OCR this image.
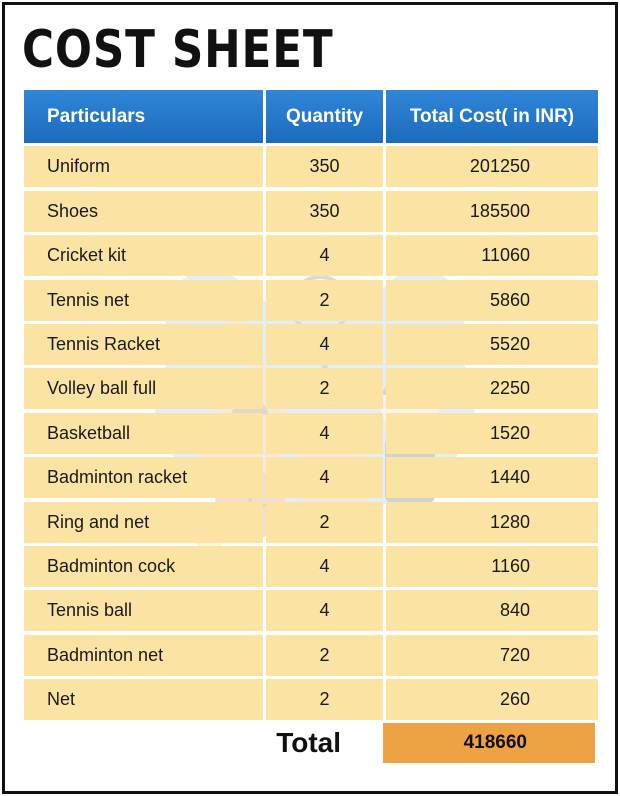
COST SHEET
Particulars	Quantity	Total Cost( in INR)
Uniform	350	201250
Shoes	350	185500
Cricket kit	4	11060
Tennis net	2	5860
Tennis Racket	4	5520
Volley ball full	2	2250
Basketball	4	1520
Badminton racket	4	1440
Ring and net	2	1280
Badminton cock	4	1160
Tennis ball	4	840
Badminton net	2	720
Net	2	260
Total	418660
